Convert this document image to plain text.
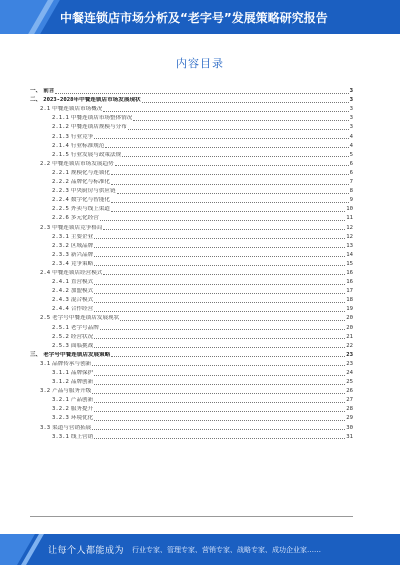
中餐连锁店市场分析及“老字号”发展策略研究报告
内容目录
一、 前言	3
二、 2023-2028年中餐连锁店市场发展现状	3
2.1 中餐连锁店市场概况	3
2.1.1 中餐连锁店市场整体情况	3
2.1.2 中餐连锁店规模与分布	3
2.1.3 行业竞争	4
2.1.4 行业标准规范	4
2.1.5 行业发展与政策法规	5
2.2 中餐连锁店市场发展趋势	6
2.2.1 规模化与连锁化	6
2.2.2 品牌化与标准化	7
2.2.3 中央厨房与供应链	8
2.2.4 数字化与智能化	9
2.2.5 外卖与线上渠道	10
2.2.6 多元化经营	11
2.3 中餐连锁店竞争格局	12
2.3.1 主要企业	12
2.3.2 区域品牌	13
2.3.3 新兴品牌	14
2.3.4 竞争策略	15
2.4 中餐连锁店经营模式	16
2.4.1 直营模式	16
2.4.2 加盟模式	17
2.4.3 混合模式	18
2.4.4 合作经营	19
2.5 老字号中餐连锁店发展现状	20
2.5.1 老字号品牌	20
2.5.2 经营状况	21
2.5.3 面临挑战	22
三、 老字号中餐连锁店发展策略	23
3.1 品牌传承与创新	23
3.1.1 品牌保护	24
3.1.2 品牌创新	25
3.2 产品与服务升级	26
3.2.1 产品创新	27
3.2.2 服务提升	28
3.2.3 环境优化	29
3.3 渠道与营销拓展	30
3.3.1 线上营销	31
让每个人都能成为 行业专家、管理专家、营销专家、战略专家、成功企业家……
